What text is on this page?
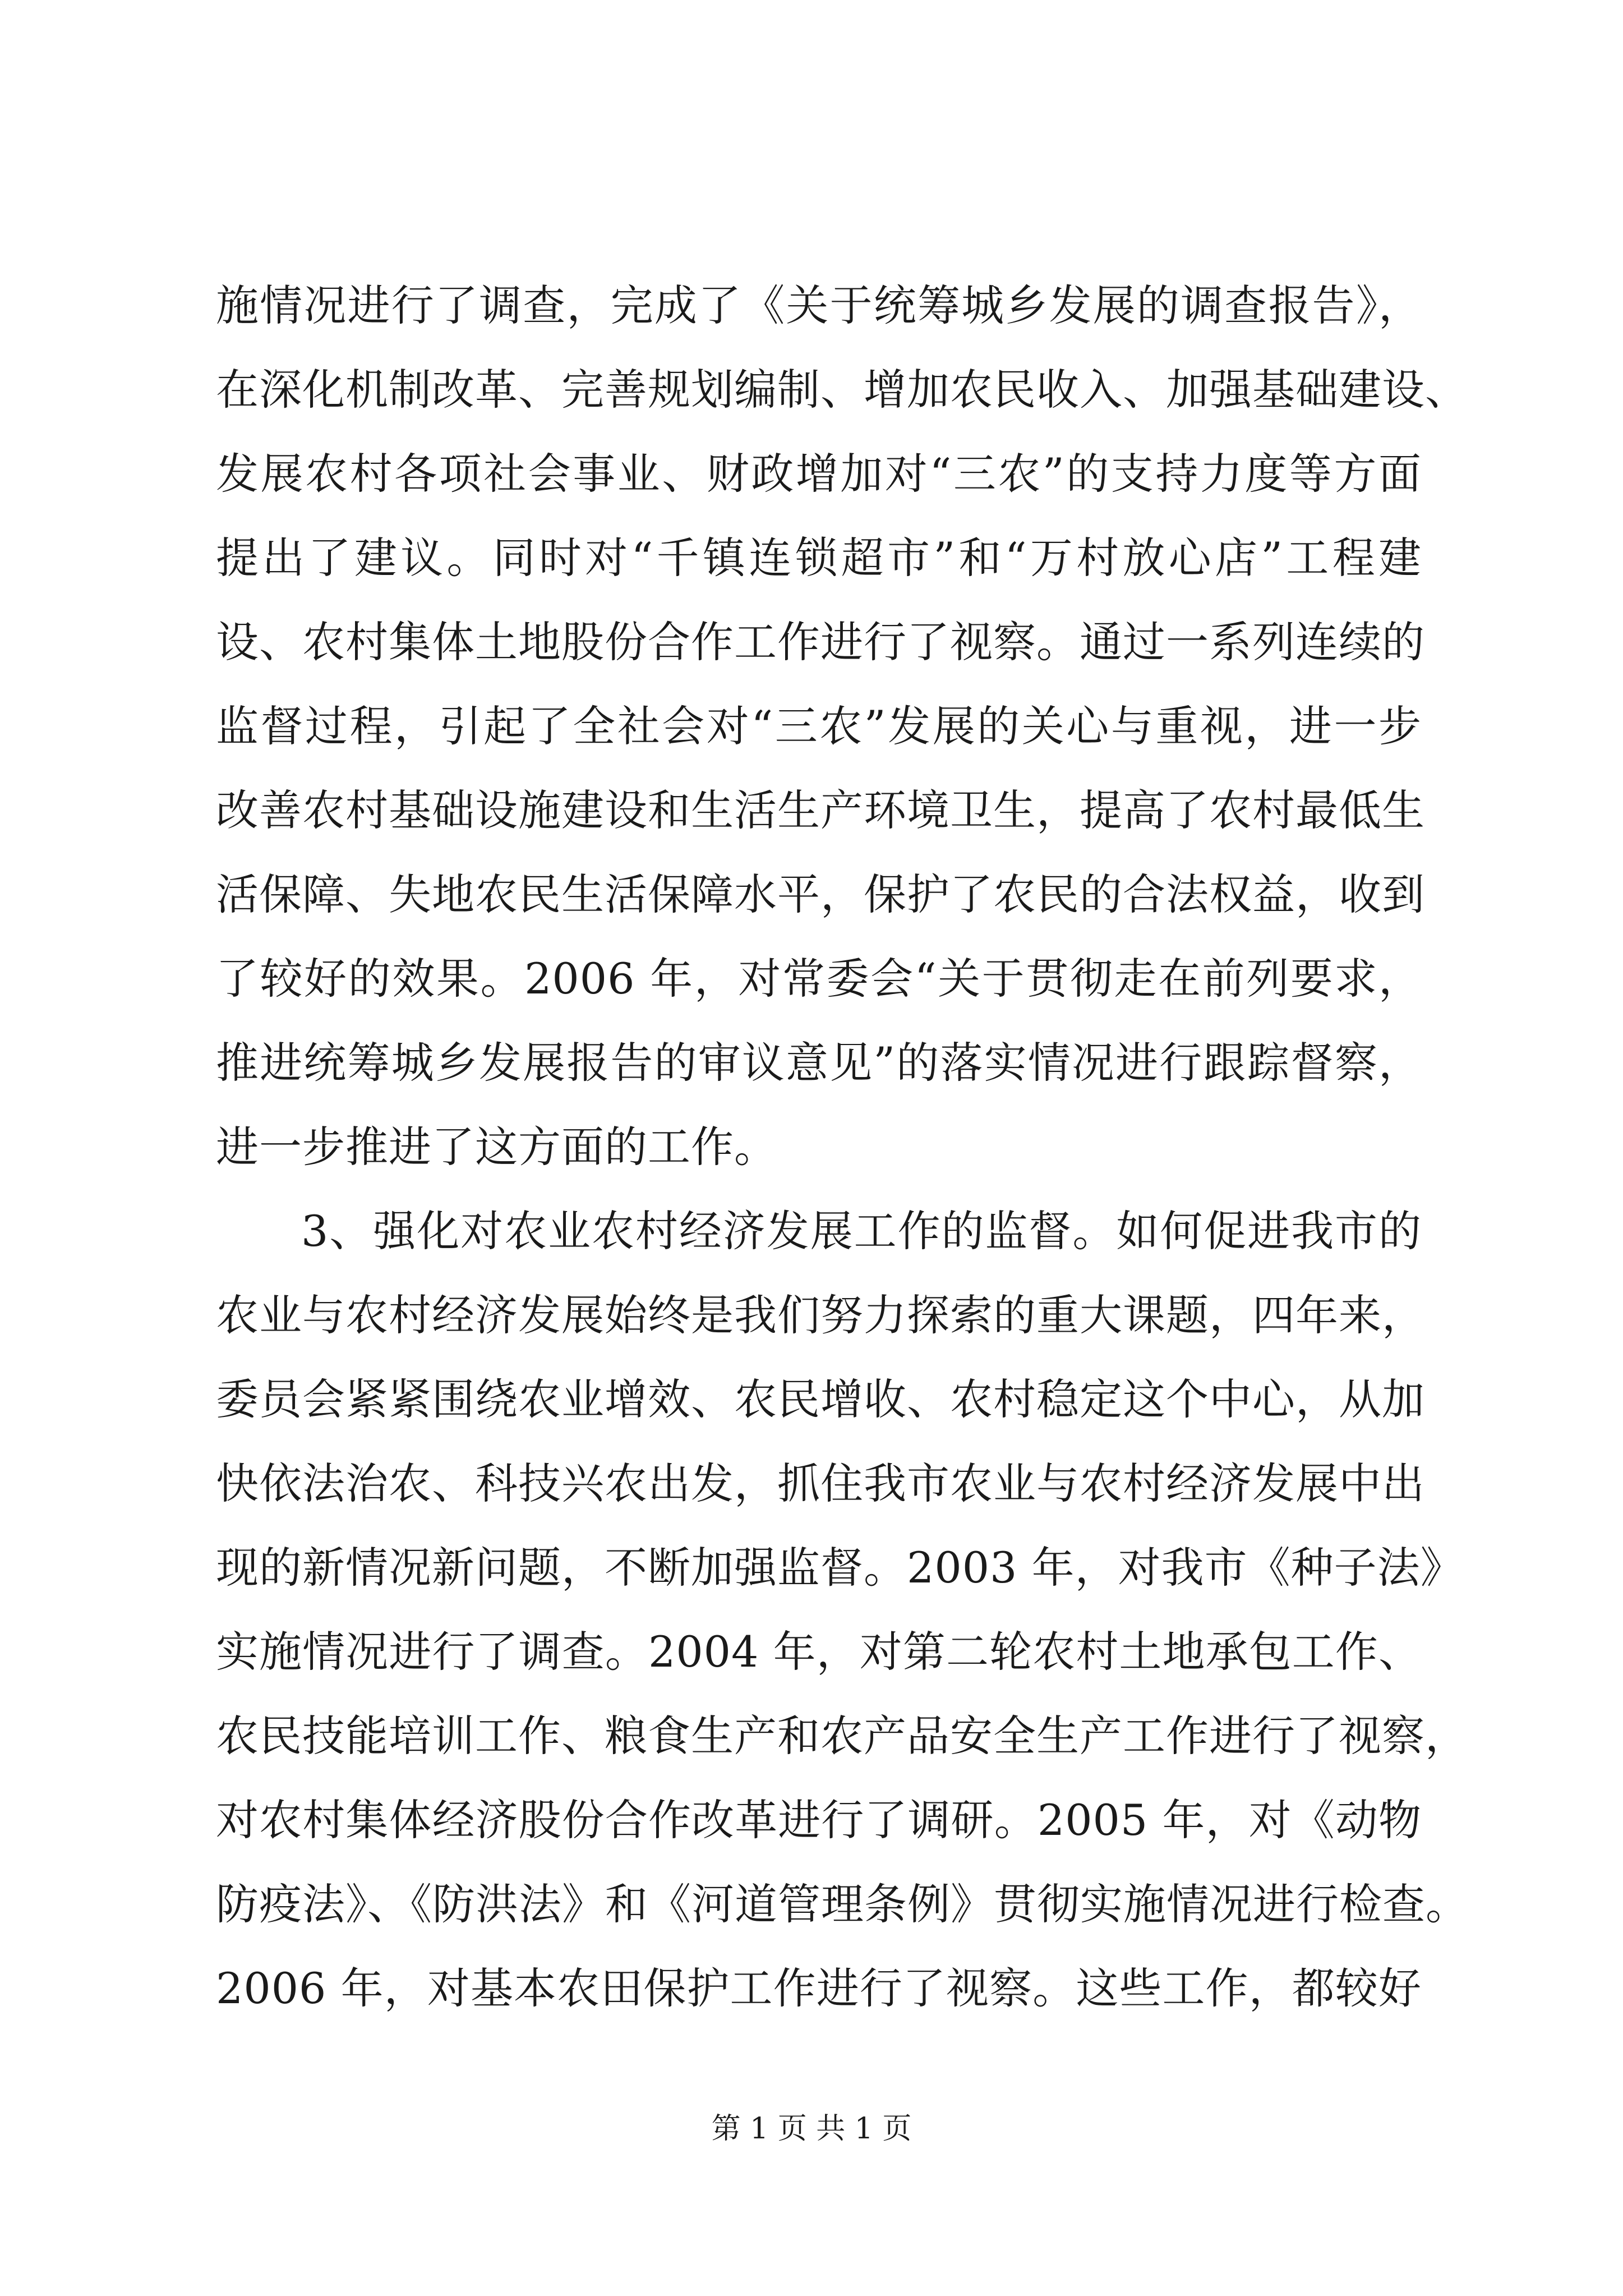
施情况进行了调查，完成了《关于统筹城乡发展的调查报告》，
在深化机制改革、完善规划编制、增加农民收入、加强基础建设、
发展农村各项社会事业、财政增加对“三农”的支持力度等方面
提出了建议。同时对“千镇连锁超市”和“万村放心店”工程建
设、农村集体土地股份合作工作进行了视察。通过一系列连续的
监督过程，引起了全社会对“三农”发展的关心与重视，进一步
改善农村基础设施建设和生活生产环境卫生，提高了农村最低生
活保障、失地农民生活保障水平，保护了农民的合法权益，收到
了较好的效果。2006 年，对常委会“关于贯彻走在前列要求，
推进统筹城乡发展报告的审议意见”的落实情况进行跟踪督察，
进一步推进了这方面的工作。
3、强化对农业农村经济发展工作的监督。如何促进我市的
农业与农村经济发展始终是我们努力探索的重大课题，四年来，
委员会紧紧围绕农业增效、农民增收、农村稳定这个中心，从加
快依法治农、科技兴农出发，抓住我市农业与农村经济发展中出
现的新情况新问题，不断加强监督。2003 年，对我市《种子法》
实施情况进行了调查。2004 年，对第二轮农村土地承包工作、
农民技能培训工作、粮食生产和农产品安全生产工作进行了视察，
对农村集体经济股份合作改革进行了调研。2005 年，对《动物
防疫法》、《防洪法》和《河道管理条例》贯彻实施情况进行检查。
2006 年，对基本农田保护工作进行了视察。这些工作，都较好
第 1 页 共 1 页
